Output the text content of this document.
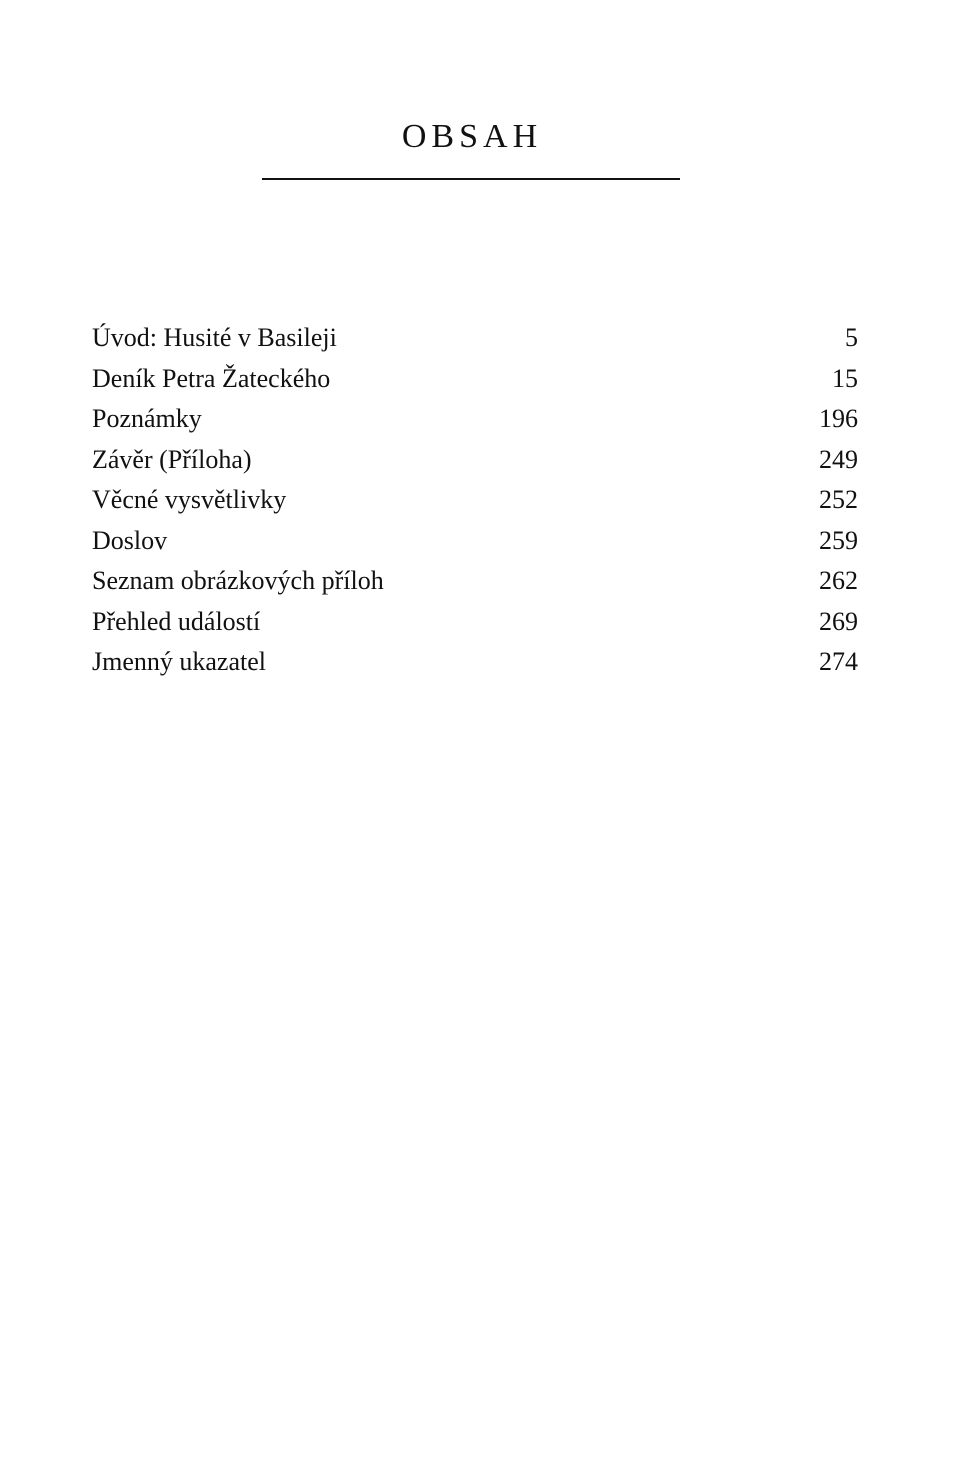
OBSAH
Úvod: Husité v Basileji	5
Deník Petra Žateckého	15
Poznámky	196
Závěr (Příloha)	249
Věcné vysvětlivky	252
Doslov	259
Seznam obrázkových příloh	262
Přehled událostí	269
Jmenný ukazatel	274
